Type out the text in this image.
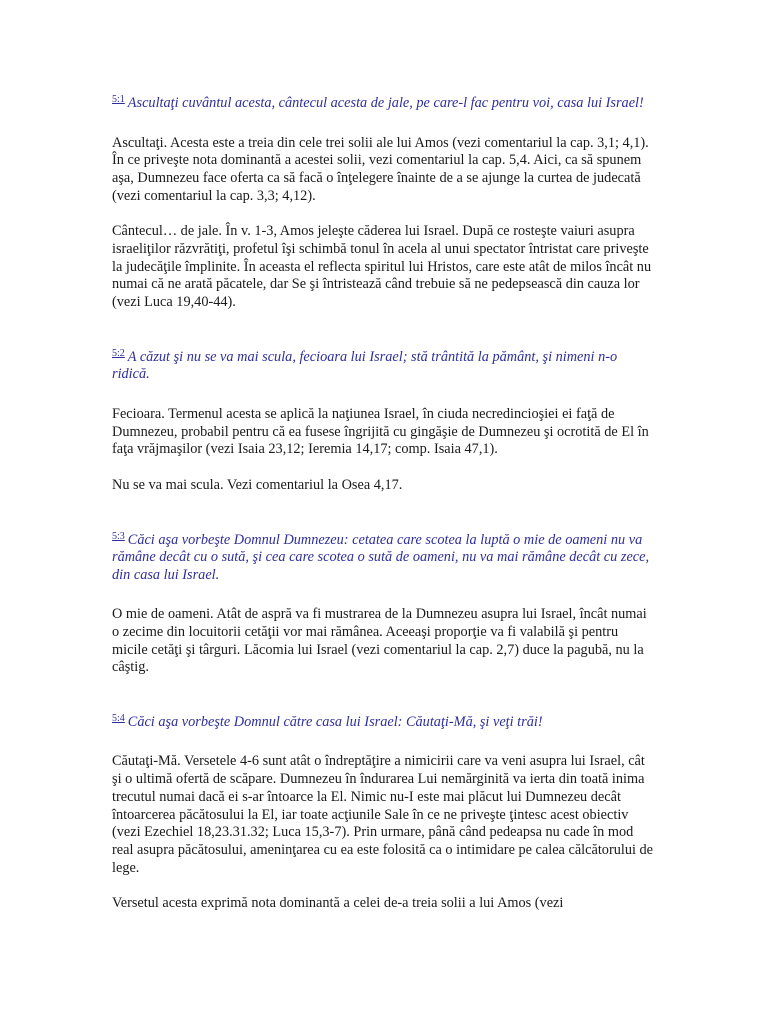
$^{5:1}$ Ascultaţi cuvântul acesta, cântecul acesta de jale, pe care-l fac pentru voi, casa lui Israel!

Ascultaţi. Acesta este a treia din cele trei solii ale lui Amos (vezi comentariul la cap. 3,1; 4,1). În ce priveşte nota dominantă a acestei solii, vezi comentariul la cap. 5,4. Aici, ca să spunem aşa, Dumnezeu face oferta ca să facă o înţelegere înainte de a se ajunge la curtea de judecată (vezi comentariul la cap. 3,3; 4,12).

Cântecul… de jale. În v. 1-3, Amos jeleşte căderea lui Israel. După ce rosteşte vaiuri asupra israeliţilor răzvrătiţi, profetul îşi schimbă tonul în acela al unui spectator întristat care priveşte la judecăţile împlinite. În aceasta el reflecta spiritul lui Hristos, care este atât de milos încât nu numai că ne arată păcatele, dar Se şi întristează când trebuie să ne pedepsească din cauza lor (vezi Luca 19,40-44).

$^{5:2}$ A căzut şi nu se va mai scula, fecioara lui Israel; stă trântită la pământ, şi nimeni n-o ridică.

Fecioara. Termenul acesta se aplică la naţiunea Israel, în ciuda necredincioşiei ei faţă de Dumnezeu, probabil pentru că ea fusese îngrijită cu gingăşie de Dumnezeu şi ocrotită de El în faţa vrăjmaşilor (vezi Isaia 23,12; Ieremia 14,17; comp. Isaia 47,1).

Nu se va mai scula. Vezi comentariul la Osea 4,17.

$^{5:3}$ Căci aşa vorbeşte Domnul Dumnezeu: cetatea care scotea la luptă o mie de oameni nu va rămâne decât cu o sută, şi cea care scotea o sută de oameni, nu va mai rămâne decât cu zece, din casa lui Israel.

O mie de oameni. Atât de aspră va fi mustrarea de la Dumnezeu asupra lui Israel, încât numai o zecime din locuitorii cetăţii vor mai rămânea. Aceeaşi proporţie va fi valabilă şi pentru micile cetăţi şi târguri. Lăcomia lui Israel (vezi comentariul la cap. 2,7) duce la pagubă, nu la câştig.

$^{5:4}$ Căci aşa vorbeşte Domnul către casa lui Israel: Căutaţi-Mă, şi veţi trăi!

Căutaţi-Mă. Versetele 4-6 sunt atât o îndreptăţire a nimicirii care va veni asupra lui Israel, cât şi o ultimă ofertă de scăpare. Dumnezeu în îndurarea Lui nemărginită va ierta din toată inima trecutul numai dacă ei s-ar întoarce la El. Nimic nu-I este mai plăcut lui Dumnezeu decât întoarcerea păcătosului la El, iar toate acţiunile Sale în ce ne priveşte ţintesc acest obiectiv (vezi Ezechiel 18,23.31.32; Luca 15,3-7). Prin urmare, până când pedeapsa nu cade în mod real asupra păcătosului, ameninţarea cu ea este folosită ca o intimidare pe calea călcătorului de lege.

Versetul acesta exprimă nota dominantă a celei de-a treia solii a lui Amos (vezi
